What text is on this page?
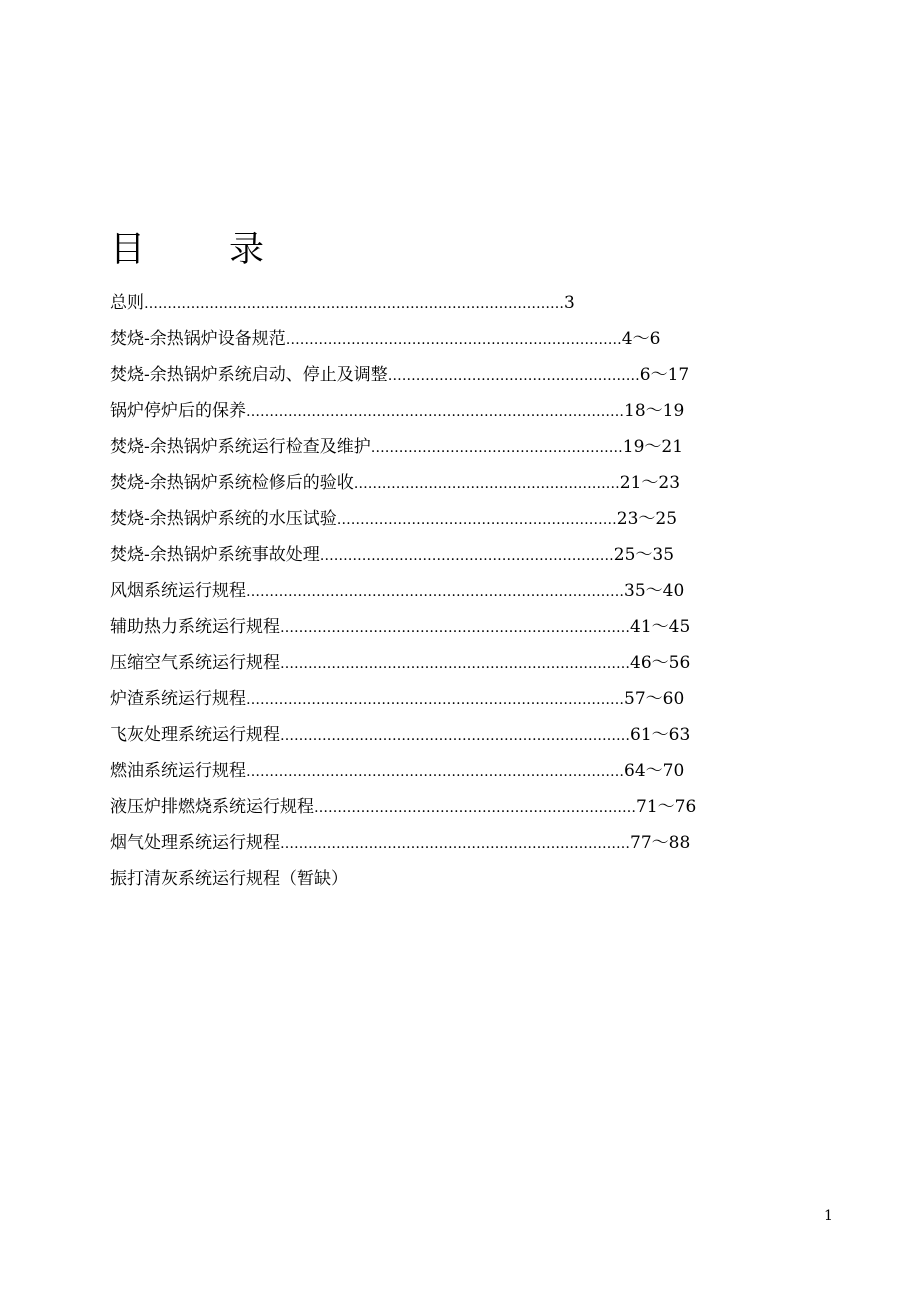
目 录
总则………………………………………………………………………………3
焚烧-余热锅炉设备规范………………………………………………………………4～6
焚烧-余热锅炉系统启动、停止及调整………………………………………………6～17
锅炉停炉后的保养………………………………………………………………………18～19
焚烧-余热锅炉系统运行检查及维护………………………………………………19～21
焚烧-余热锅炉系统检修后的验收…………………………………………………21～23
焚烧-余热锅炉系统的水压试验……………………………………………………23～25
焚烧-余热锅炉系统事故处理………………………………………………………25～35
风烟系统运行规程………………………………………………………………………35～40
辅助热力系统运行规程…………………………………………………………………41～45
压缩空气系统运行规程…………………………………………………………………46～56
炉渣系统运行规程………………………………………………………………………57～60
飞灰处理系统运行规程…………………………………………………………………61～63
燃油系统运行规程………………………………………………………………………64～70
液压炉排燃烧系统运行规程……………………………………………………………71～76
烟气处理系统运行规程…………………………………………………………………77～88
振打清灰系统运行规程（暂缺）
1
